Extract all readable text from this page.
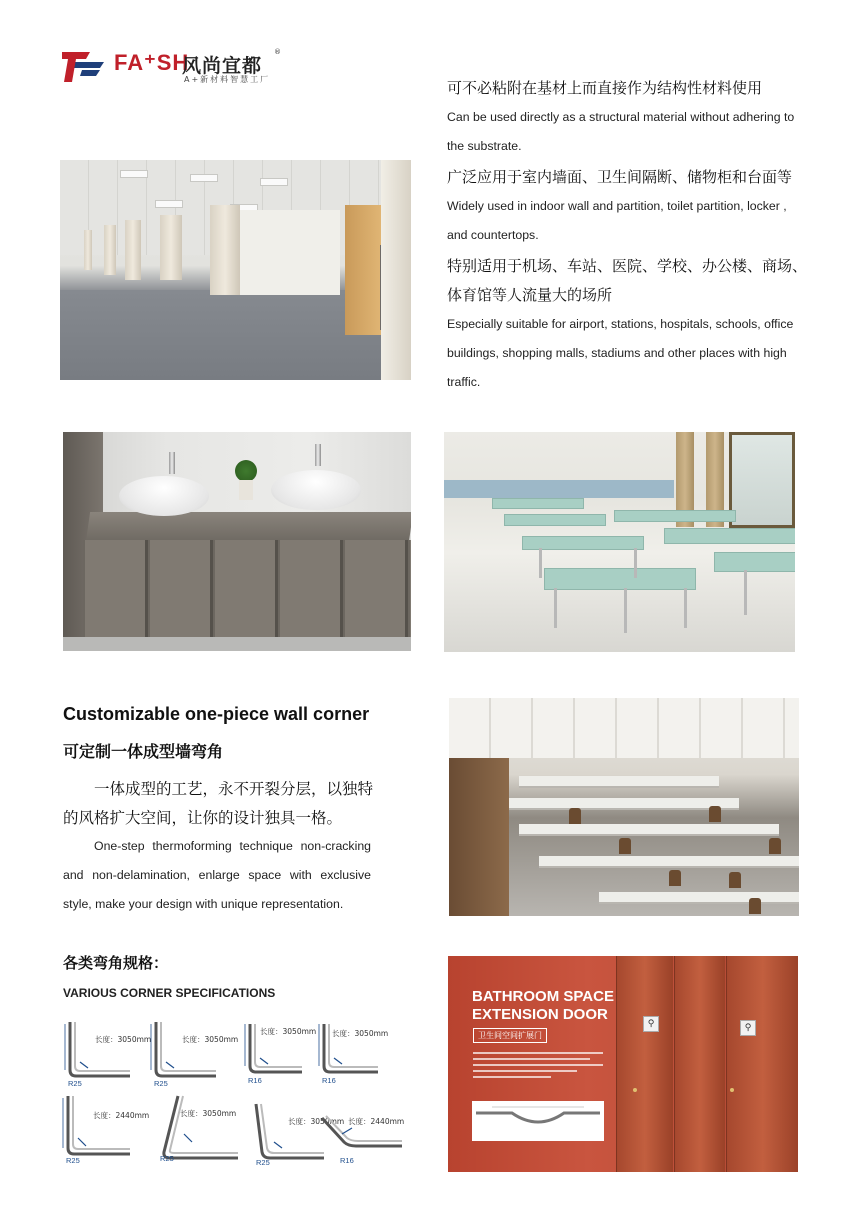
FA⁺SH
风尚宜都
®
A+新材料智慧工厂	可不必粘附在基材上而直接作为结构性材料使用
Can be used directly as a structural material without adhering to the substrate.
广泛应用于室内墙面、卫生间隔断、储物柜和台面等
Widely used in indoor wall and partition, toilet partition, locker , and countertops.
特别适用于机场、车站、医院、学校、办公楼、商场、体育馆等人流量大的场所
Especially suitable for airport, stations, hospitals, schools, office buildings, shopping malls, stadiums and other places with high traffic.
Customizable one-piece wall corner
可定制一体成型墙弯角
一体成型的工艺，永不开裂分层，以独特的风格扩大空间，让你的设计独具一格。
One-step thermoforming technique non-cracking and non-delamination, enlarge space with exclusive style, make your design with unique representation.
各类弯角规格：
VARIOUS CORNER SPECIFICATIONS
长度：3050mm
R25
长度：3050mm
R25
长度：3050mm
R16
长度：3050mm
R16
长度：2440mm
R25
长度：3050mm
R25
长度：3050mm
R25
长度：2440mm
R16
⚲	⚲
BATHROOM SPACE
EXTENSION DOOR
卫生间空间扩展门
